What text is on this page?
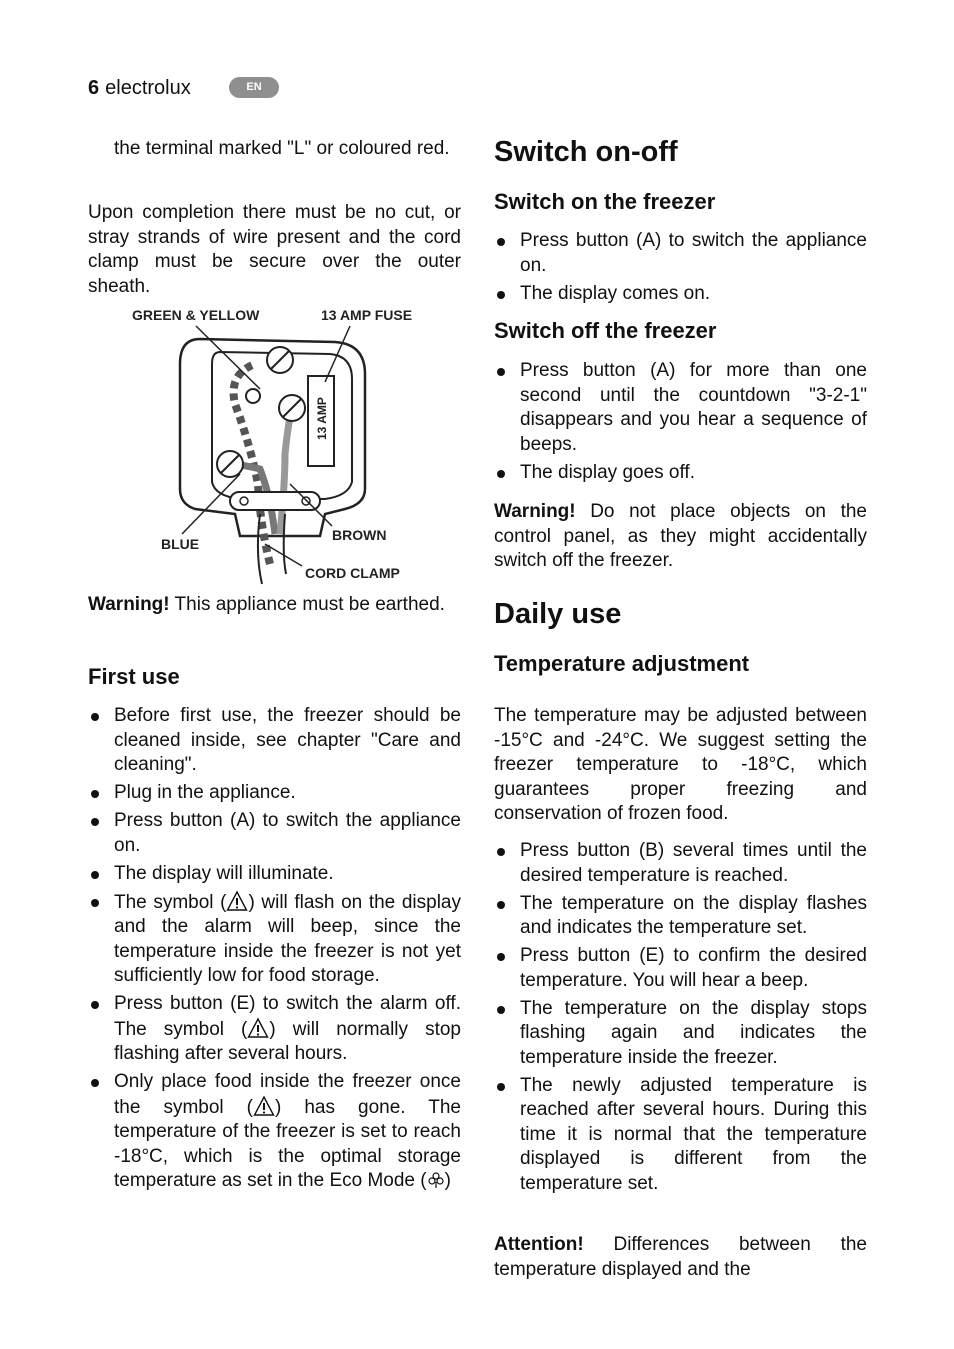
6 electrolux	EN

the terminal marked "L" or coloured red.

Upon completion there must be no cut, or stray strands of wire present and the cord clamp must be secure over the outer sheath.

GREEN & YELLOW	13 AMP FUSE
13 AMP
BLUE
BROWN
CORD CLAMP

Warning! This appliance must be earthed.

First use
Before first use, the freezer should be cleaned inside, see chapter "Care and cleaning".
Plug in the appliance.
Press button (A) to switch the appliance on.
The display will illuminate.
The symbol ( ) will flash on the display and the alarm will beep, since the temperature inside the freezer is not yet sufficiently low for food storage.
Press button (E) to switch the alarm off. The symbol ( ) will normally stop flashing after several hours.
Only place food inside the freezer once the symbol ( ) has gone. The temperature of the freezer is set to reach -18°C, which is the optimal storage temperature as set in the Eco Mode ( )
Switch on-off
Switch on the freezer
Press button (A) to switch the appliance on.
The display comes on.
Switch off the freezer
Press button (A) for more than one second until the countdown "3-2-1" disappears and you hear a sequence of beeps.
The display goes off.

Warning! Do not place objects on the control panel, as they might accidentally switch off the freezer.

Daily use
Temperature adjustment

The temperature may be adjusted between -15°C and -24°C. We suggest setting the freezer temperature to -18°C, which guarantees proper freezing and conservation of frozen food.

Press button (B) several times until the desired temperature is reached.
The temperature on the display flashes and indicates the temperature set.
Press button (E) to confirm the desired temperature. You will hear a beep.
The temperature on the display stops flashing again and indicates the temperature inside the freezer.
The newly adjusted temperature is reached after several hours. During this time it is normal that the temperature displayed is different from the temperature set.

Attention! Differences between the temperature displayed and the
